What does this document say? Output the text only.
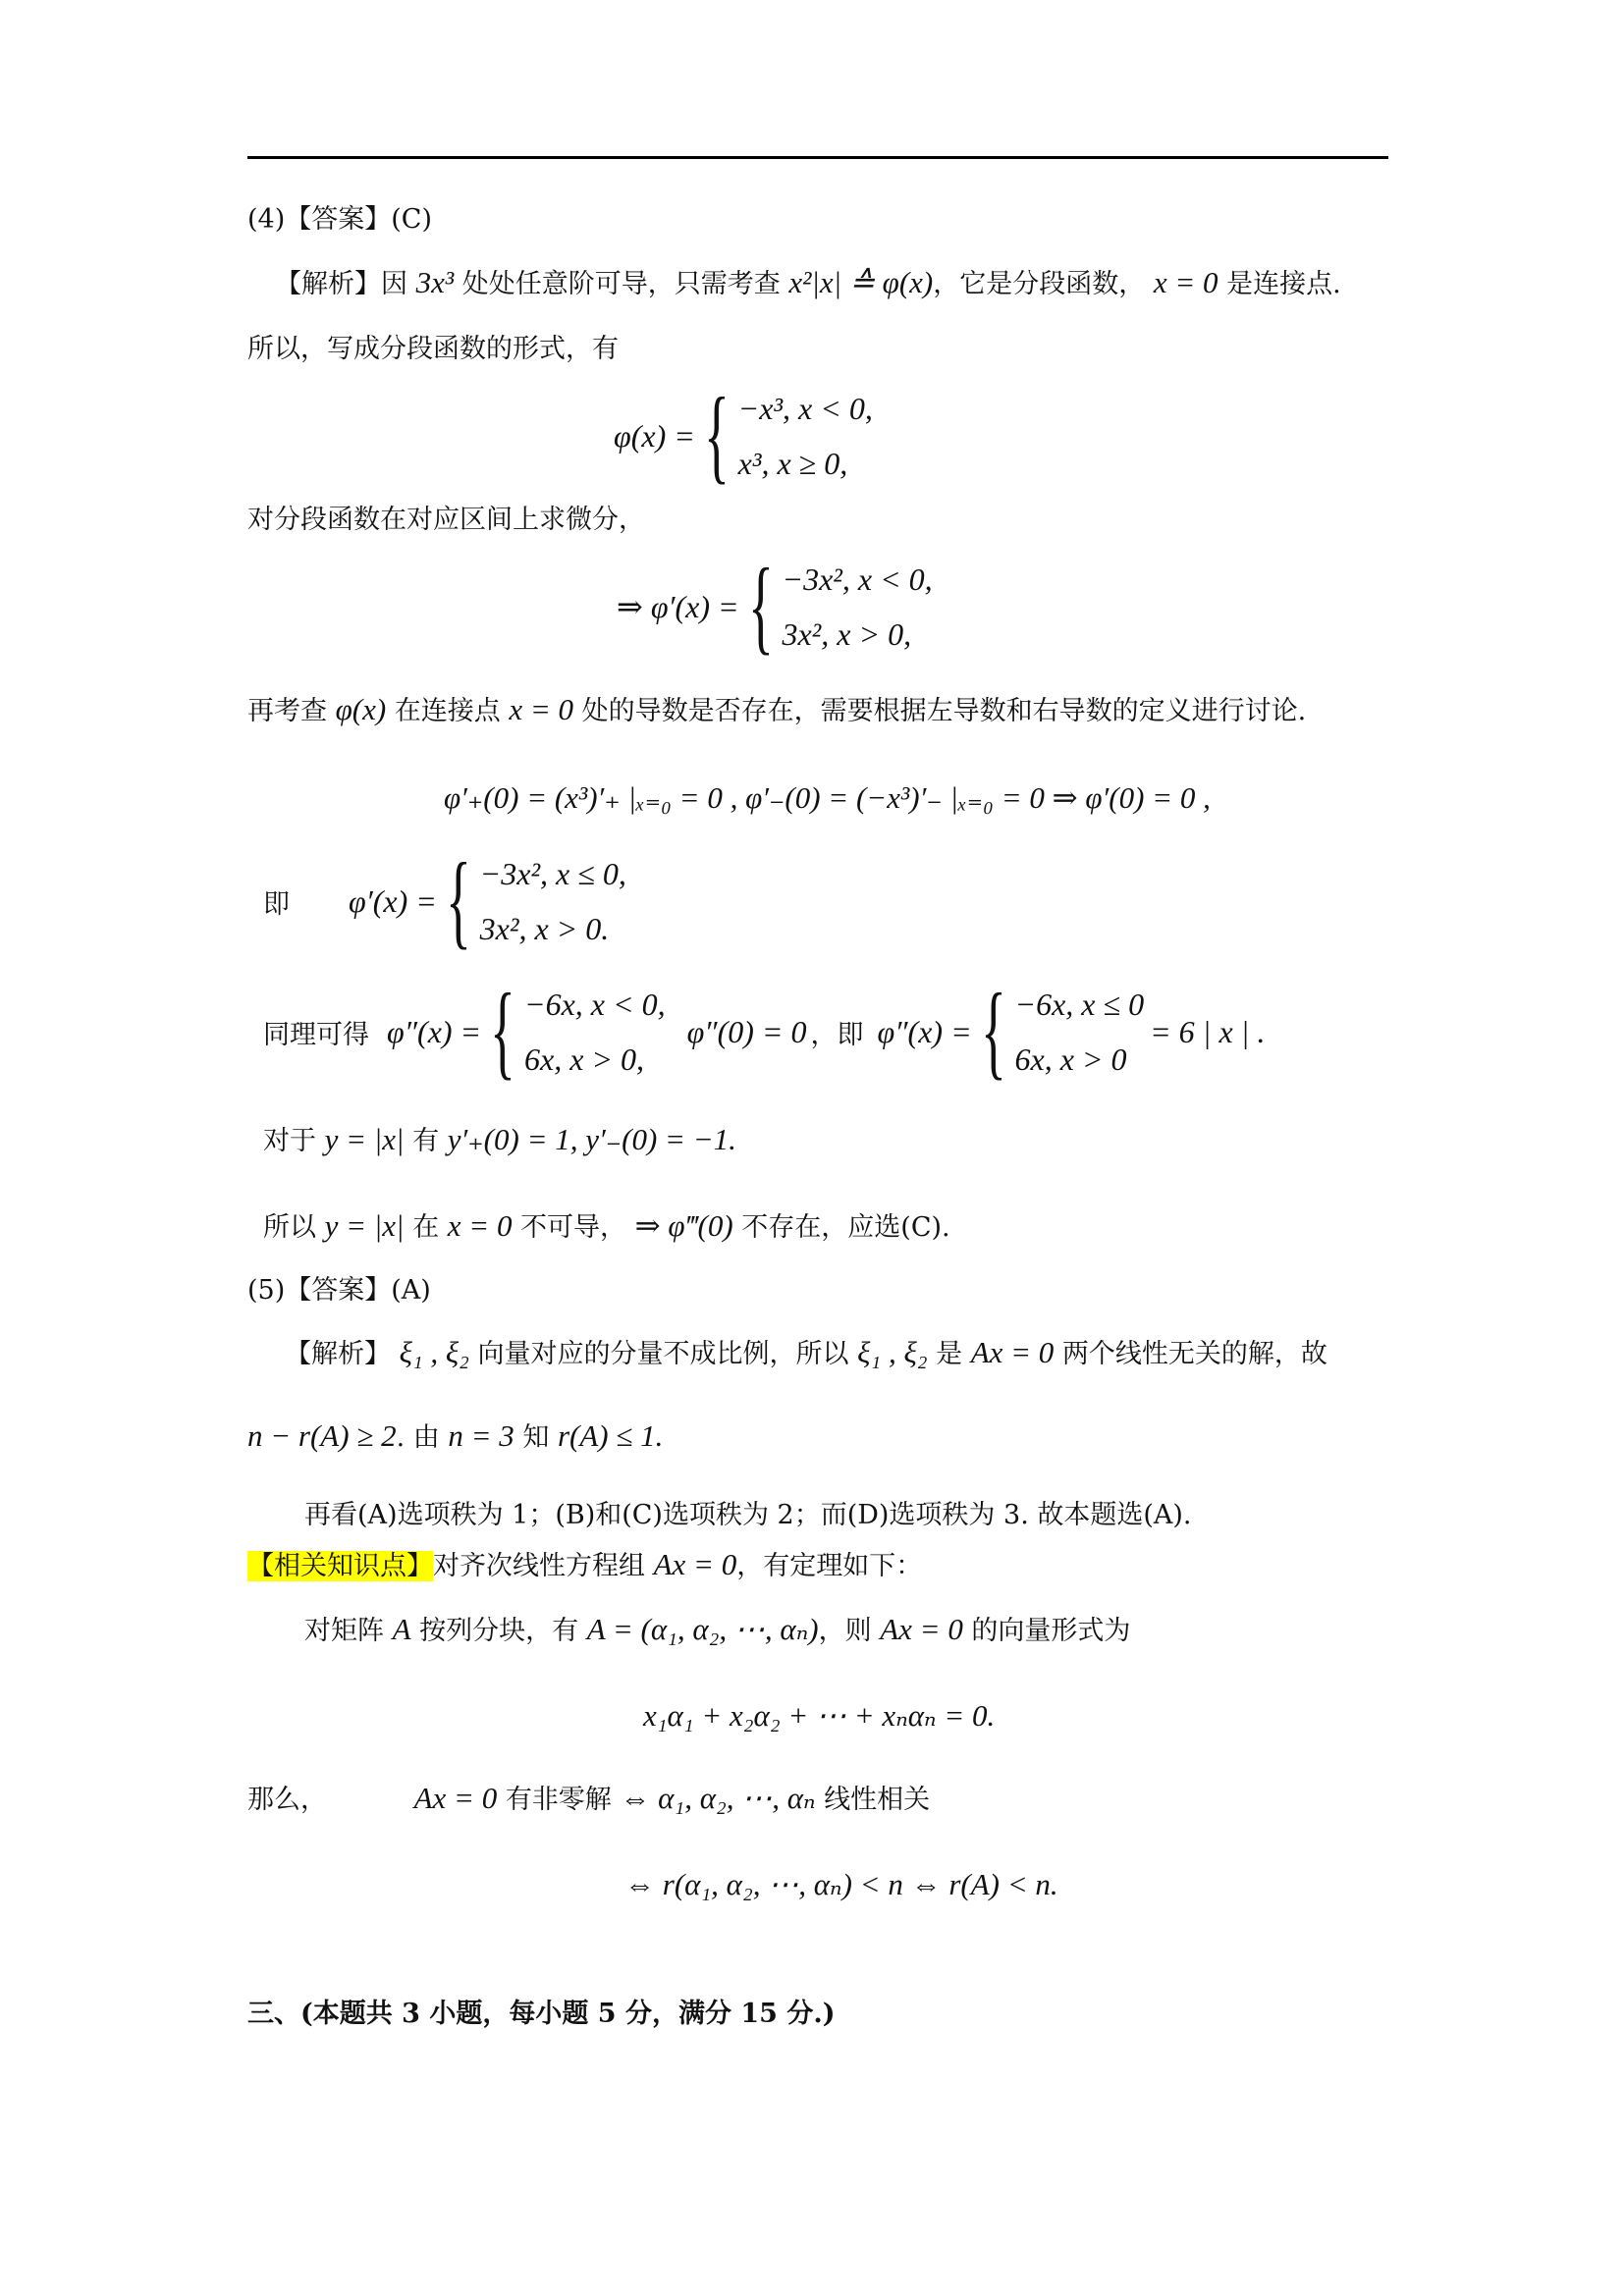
(4)【答案】(C)
【解析】因 3x³ 处处任意阶可导，只需考查 x²|x| ≙ φ(x)，它是分段函数， x = 0 是连接点.
所以，写成分段函数的形式，有
φ(x) = { −x³, x < 0,
x³, x ≥ 0,
对分段函数在对应区间上求微分，
⇒ φ′(x) = { −3x², x < 0,
3x², x > 0,
再考查 φ(x) 在连接点 x = 0 处的导数是否存在，需要根据左导数和右导数的定义进行讨论.
φ′₊(0) = (x³)′₊ |ₓ₌₀ = 0 , φ′₋(0) = (−x³)′₋ |ₓ₌₀ = 0 ⇒ φ′(0) = 0 ,
即 φ′(x) = { −3x², x ≤ 0,
3x², x > 0.
同理可得 φ″(x) = { −6x, x < 0,
6x, x > 0,
φ″(0) = 0 ，即 φ″(x) = { −6x, x ≤ 0
6x, x > 0
= 6 | x | .
对于 y = |x| 有 y′₊(0) = 1, y′₋(0) = −1.
所以 y = |x| 在 x = 0 不可导， ⇒ φ‴(0) 不存在，应选(C).
(5)【答案】(A)
【解析】 ξ₁ , ξ₂ 向量对应的分量不成比例，所以 ξ₁ , ξ₂ 是 Ax = 0 两个线性无关的解，故
n − r(A) ≥ 2. 由 n = 3 知 r(A) ≤ 1.
再看(A)选项秩为 1；(B)和(C)选项秩为 2；而(D)选项秩为 3. 故本题选(A).
【相关知识点】对齐次线性方程组 Ax = 0，有定理如下：
对矩阵 A 按列分块，有 A = (α₁, α₂, ⋯, αₙ)，则 Ax = 0 的向量形式为
x₁α₁ + x₂α₂ + ⋯ + xₙαₙ = 0.
那么，	Ax = 0 有非零解 ⇔ α₁, α₂, ⋯, αₙ 线性相关
⇔ r(α₁, α₂, ⋯, αₙ) < n ⇔ r(A) < n.
三、(本题共 3 小题，每小题 5 分，满分 15 分.)
